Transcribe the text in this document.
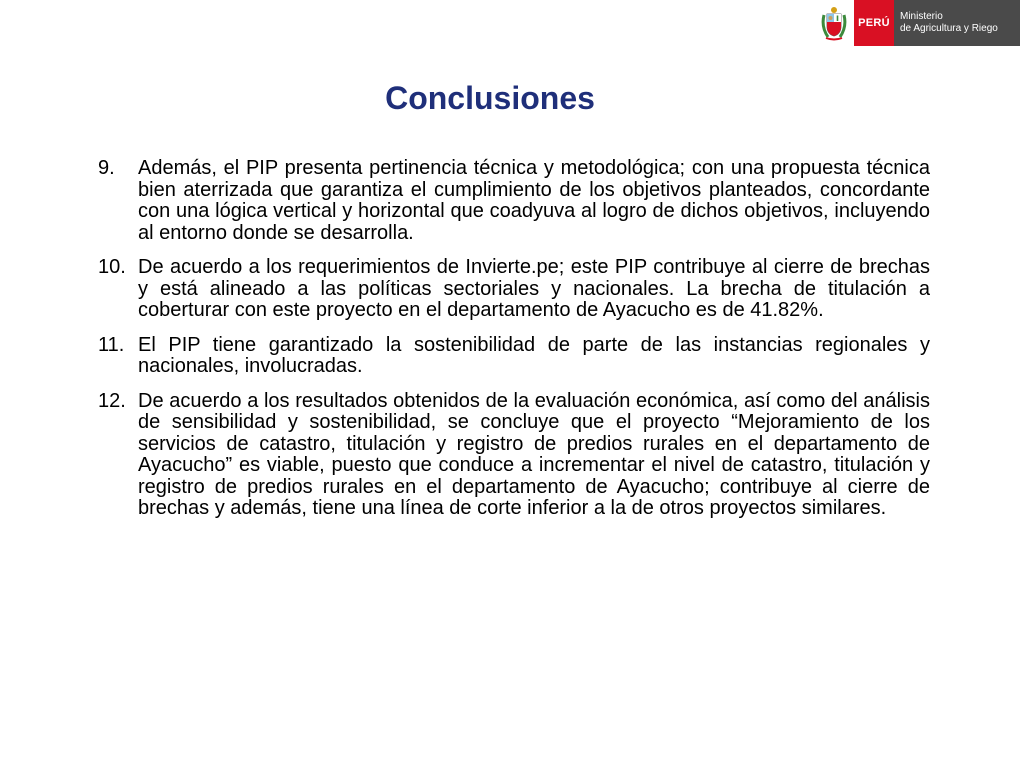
PERÚ
Ministerio
de Agricultura y Riego
Conclusiones
9.	Además, el PIP presenta pertinencia técnica y metodológica; con una propuesta técnica bien aterrizada que garantiza el cumplimiento de los objetivos planteados, concordante con una lógica vertical y horizontal que coadyuva al logro de dichos objetivos, incluyendo al entorno donde se desarrolla.
10. De acuerdo a los requerimientos de Invierte.pe; este PIP contribuye al cierre de brechas y está alineado a las políticas sectoriales y nacionales. La brecha de titulación a coberturar con este proyecto en el departamento de Ayacucho es de 41.82%.
11. El PIP tiene garantizado la sostenibilidad de parte de las instancias regionales y nacionales, involucradas.
12. De acuerdo a los resultados obtenidos de la evaluación económica, así como del análisis de sensibilidad y sostenibilidad, se concluye que el proyecto “Mejoramiento de los servicios de catastro, titulación y registro de predios rurales en el departamento de Ayacucho” es viable, puesto que conduce a incrementar el nivel de catastro, titulación y registro de predios rurales en el departamento de Ayacucho; contribuye al cierre de brechas y además, tiene una línea de corte inferior a la de otros proyectos similares.
